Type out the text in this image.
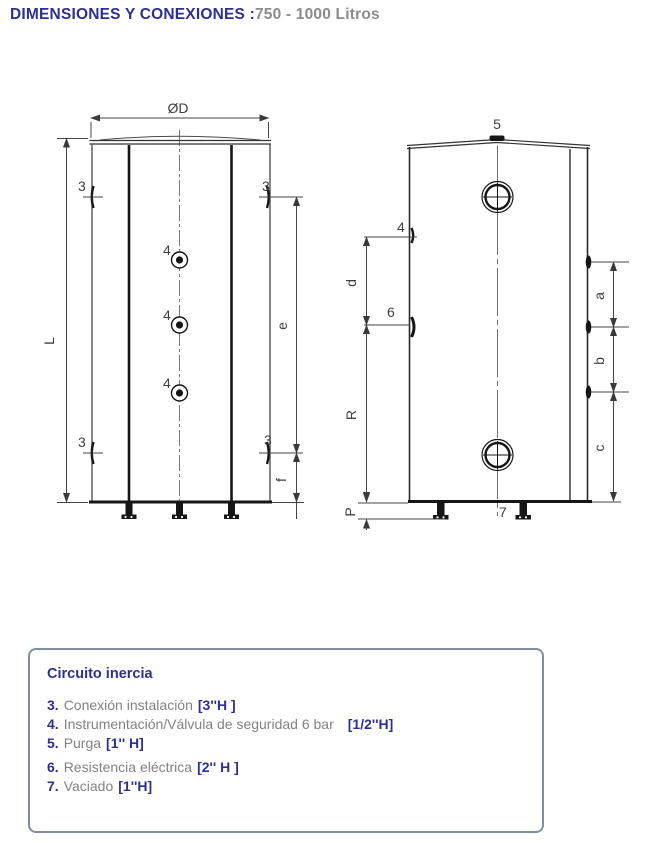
DIMENSIONES Y CONEXIONES :750 - 1000 Litros
ØD
L
3	3
3	3
4
4
4
e
f
5
7
4
6
d
R
P
a
b
c
Circuito inercia
3. Conexión instalación [3''H ]
4. Instrumentación/Válvula de seguridad 6 bar [1/2''H]
5. Purga [1'' H]
6. Resistencia eléctrica [2'' H ]
7. Vaciado [1''H]
